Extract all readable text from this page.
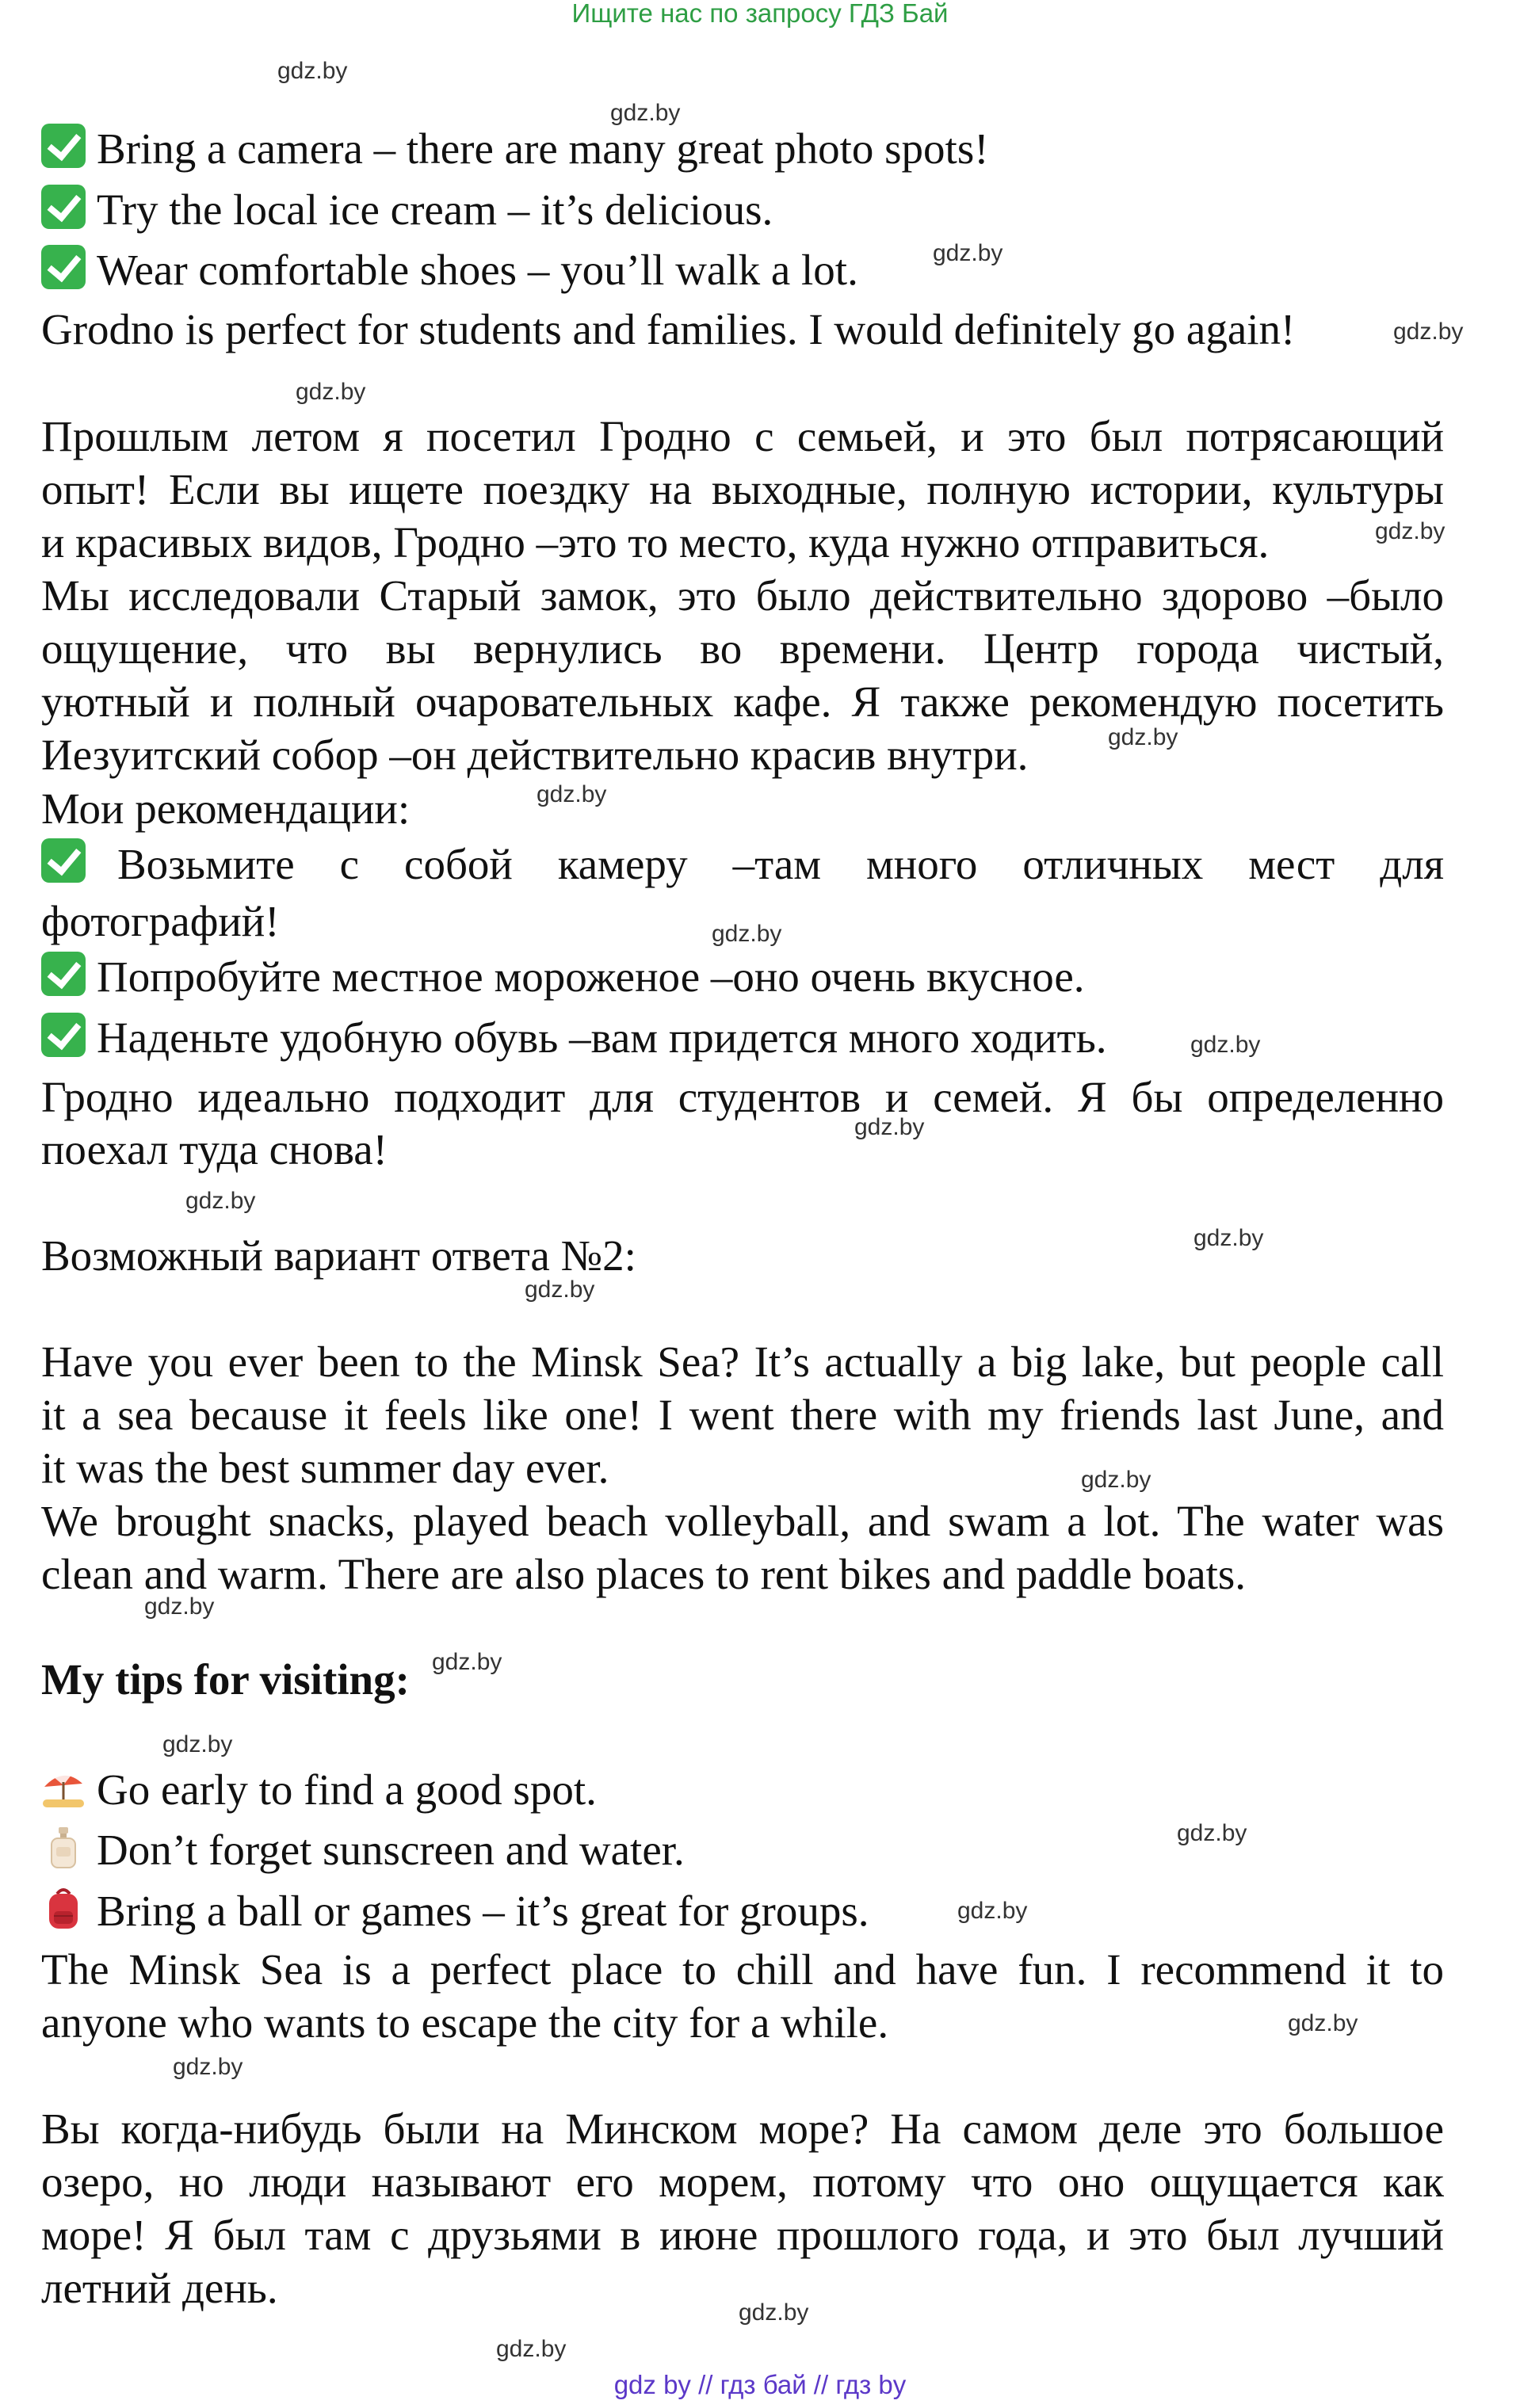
Ищите нас по запросу ГДЗ Бай
Bring a camera – there are many great photo spots!
Try the local ice cream – it’s delicious.
Wear comfortable shoes – you’ll walk a lot.
Grodno is perfect for students and families. I would definitely go again!
Прошлым летом я посетил Гродно с семьей, и это был потрясающий
опыт! Если вы ищете поездку на выходные, полную истории, культуры
и красивых видов, Гродно –это то место, куда нужно отправиться.
Мы исследовали Старый замок, это было действительно здорово –было
ощущение, что вы вернулись во времени. Центр города чистый,
уютный и полный очаровательных кафе. Я также рекомендую посетить
Иезуитский собор –он действительно красив внутри.
Мои рекомендации:
Возьмите с собой камеру –там много отличных мест для
фотографий!
Попробуйте местное мороженое –оно очень вкусное.
Наденьте удобную обувь –вам придется много ходить.
Гродно идеально подходит для студентов и семей. Я бы определенно
поехал туда снова!
Возможный вариант ответа №2:
Have you ever been to the Minsk Sea? It’s actually a big lake, but people call
it a sea because it feels like one! I went there with my friends last June, and
it was the best summer day ever.
We brought snacks, played beach volleyball, and swam a lot. The water was
clean and warm. There are also places to rent bikes and paddle boats.
My tips for visiting:
Go early to find a good spot.
Don’t forget sunscreen and water.
Bring a ball or games – it’s great for groups.
The Minsk Sea is a perfect place to chill and have fun. I recommend it to
anyone who wants to escape the city for a while.
Вы когда-нибудь были на Минском море? На самом деле это большое
озеро, но люди называют его морем, потому что оно ощущается как
море! Я был там с друзьями в июне прошлого года, и это был лучший
летний день.
gdz.by
gdz.by
gdz.by
gdz.by
gdz.by
gdz.by
gdz.by
gdz.by
gdz.by
gdz.by
gdz.by
gdz.by
gdz.by
gdz.by
gdz.by
gdz.by
gdz.by
gdz.by
gdz.by
gdz.by
gdz.by
gdz.by
gdz.by
gdz.by
gdz by // гдз бай // гдз by
